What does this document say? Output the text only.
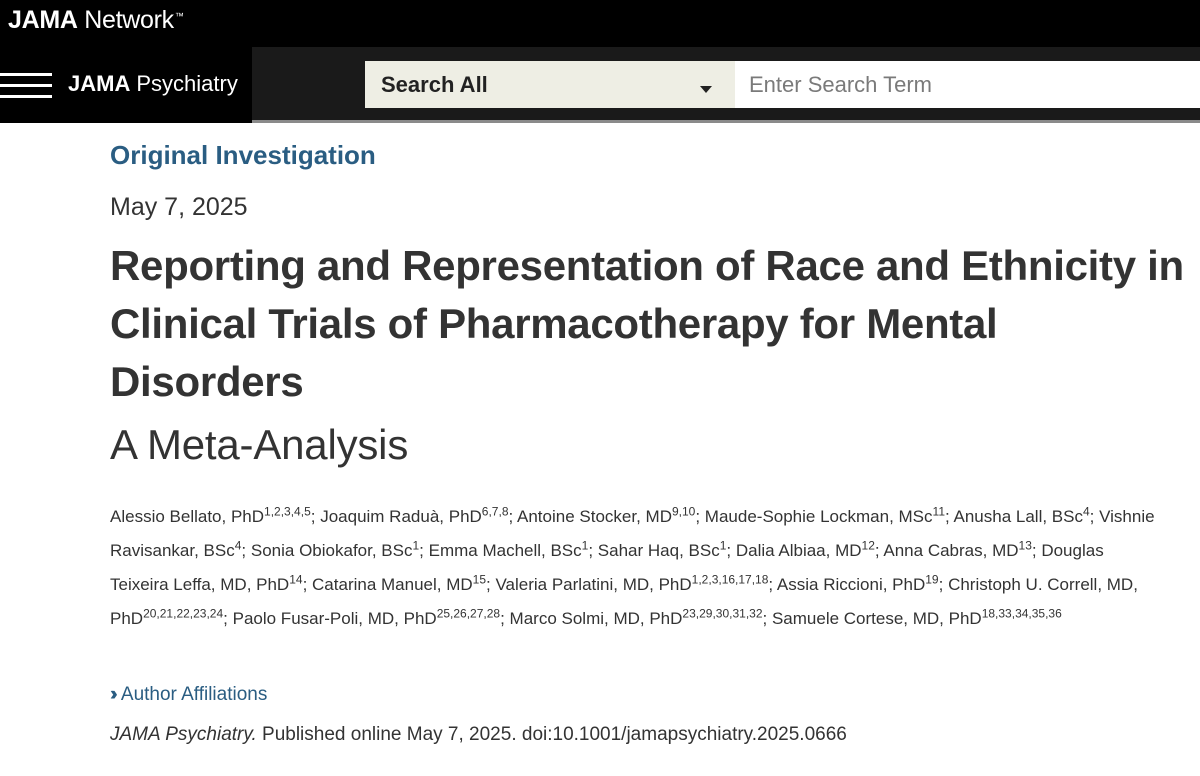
JAMA Network™
JAMA Psychiatry	Search All
Enter Search Term
Original Investigation
May 7, 2025
Reporting and Representation of Race and Ethnicity in Clinical Trials of Pharmacotherapy for Mental Disorders
A Meta-Analysis
Alessio Bellato, PhD$^{1,2,3,4,5}$; Joaquim Raduà, PhD$^{6,7,8}$; Antoine Stocker, MD$^{9,10}$; Maude-Sophie Lockman, MSc$^{11}$; Anusha Lall, BSc$^4$; Vishnie Ravisankar, BSc$^4$; Sonia Obiokafor, BSc$^1$; Emma Machell, BSc$^1$; Sahar Haq, BSc$^1$; Dalia Albiaa, MD$^{12}$; Anna Cabras, MD$^{13}$; Douglas Teixeira Leffa, MD, PhD$^{14}$; Catarina Manuel, MD$^{15}$; Valeria Parlatini, MD, PhD$^{1,2,3,16,17,18}$; Assia Riccioni, PhD$^{19}$; Christoph U. Correll, MD, PhD$^{20,21,22,23,24}$; Paolo Fusar-Poli, MD, PhD$^{25,26,27,28}$; Marco Solmi, MD, PhD$^{23,29,30,31,32}$; Samuele Cortese, MD, PhD$^{18,33,34,35,36}$
›› Author Affiliations
JAMA Psychiatry. Published online May 7, 2025. doi:10.1001/jamapsychiatry.2025.0666
